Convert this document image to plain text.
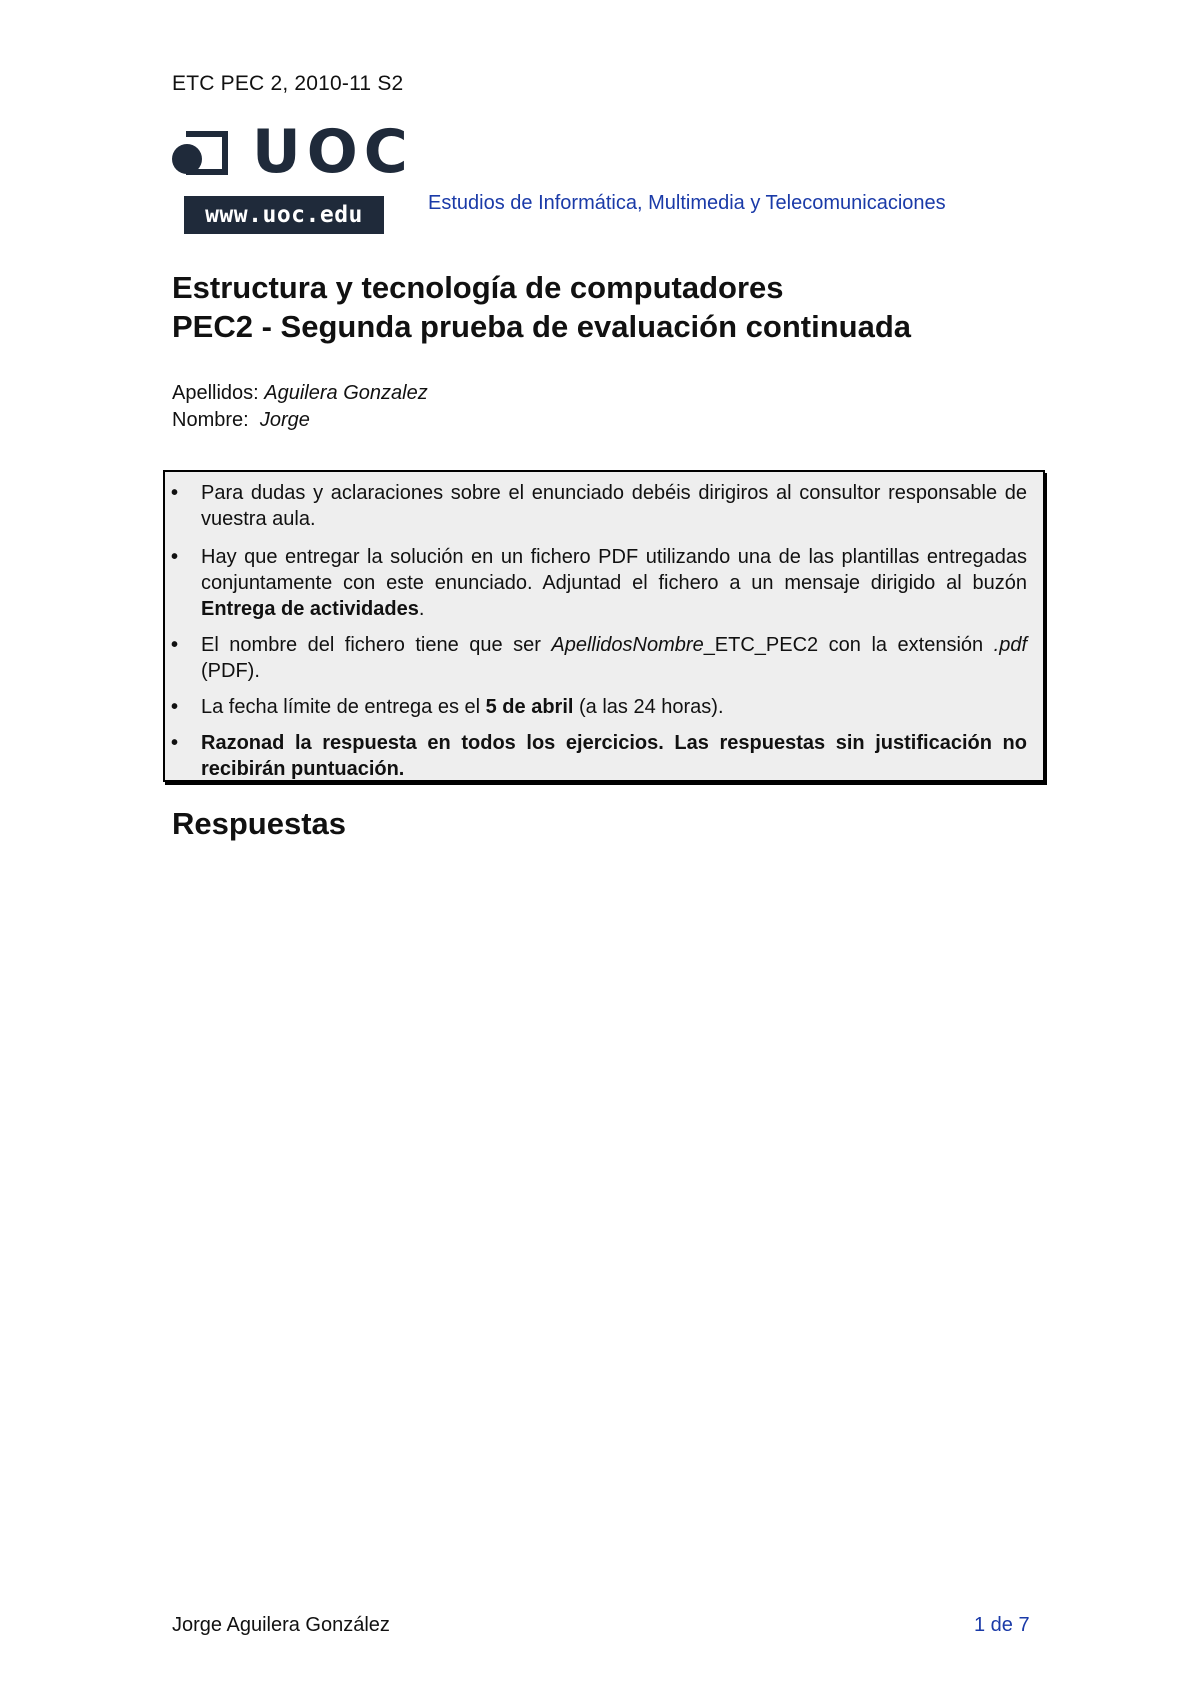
ETC PEC 2, 2010-11 S2
UOC
www.uoc.edu	Estudios de Informática, Multimedia y Telecomunicaciones
Estructura y tecnología de computadores
PEC2 - Segunda prueba de evaluación continuada
Apellidos: Aguilera Gonzalez
Nombre: Jorge
• Para dudas y aclaraciones sobre el enunciado debéis dirigiros al consultor responsable de vuestra aula.
• Hay que entregar la solución en un fichero PDF utilizando una de las plantillas entregadas conjuntamente con este enunciado. Adjuntad el fichero a un mensaje dirigido al buzón Entrega de actividades.
• El nombre del fichero tiene que ser ApellidosNombre_ETC_PEC2 con la extensión .pdf (PDF).
• La fecha límite de entrega es el 5 de abril (a las 24 horas).
• Razonad la respuesta en todos los ejercicios. Las respuestas sin justificación no recibirán puntuación.
Respuestas
Jorge Aguilera González	1 de 7
